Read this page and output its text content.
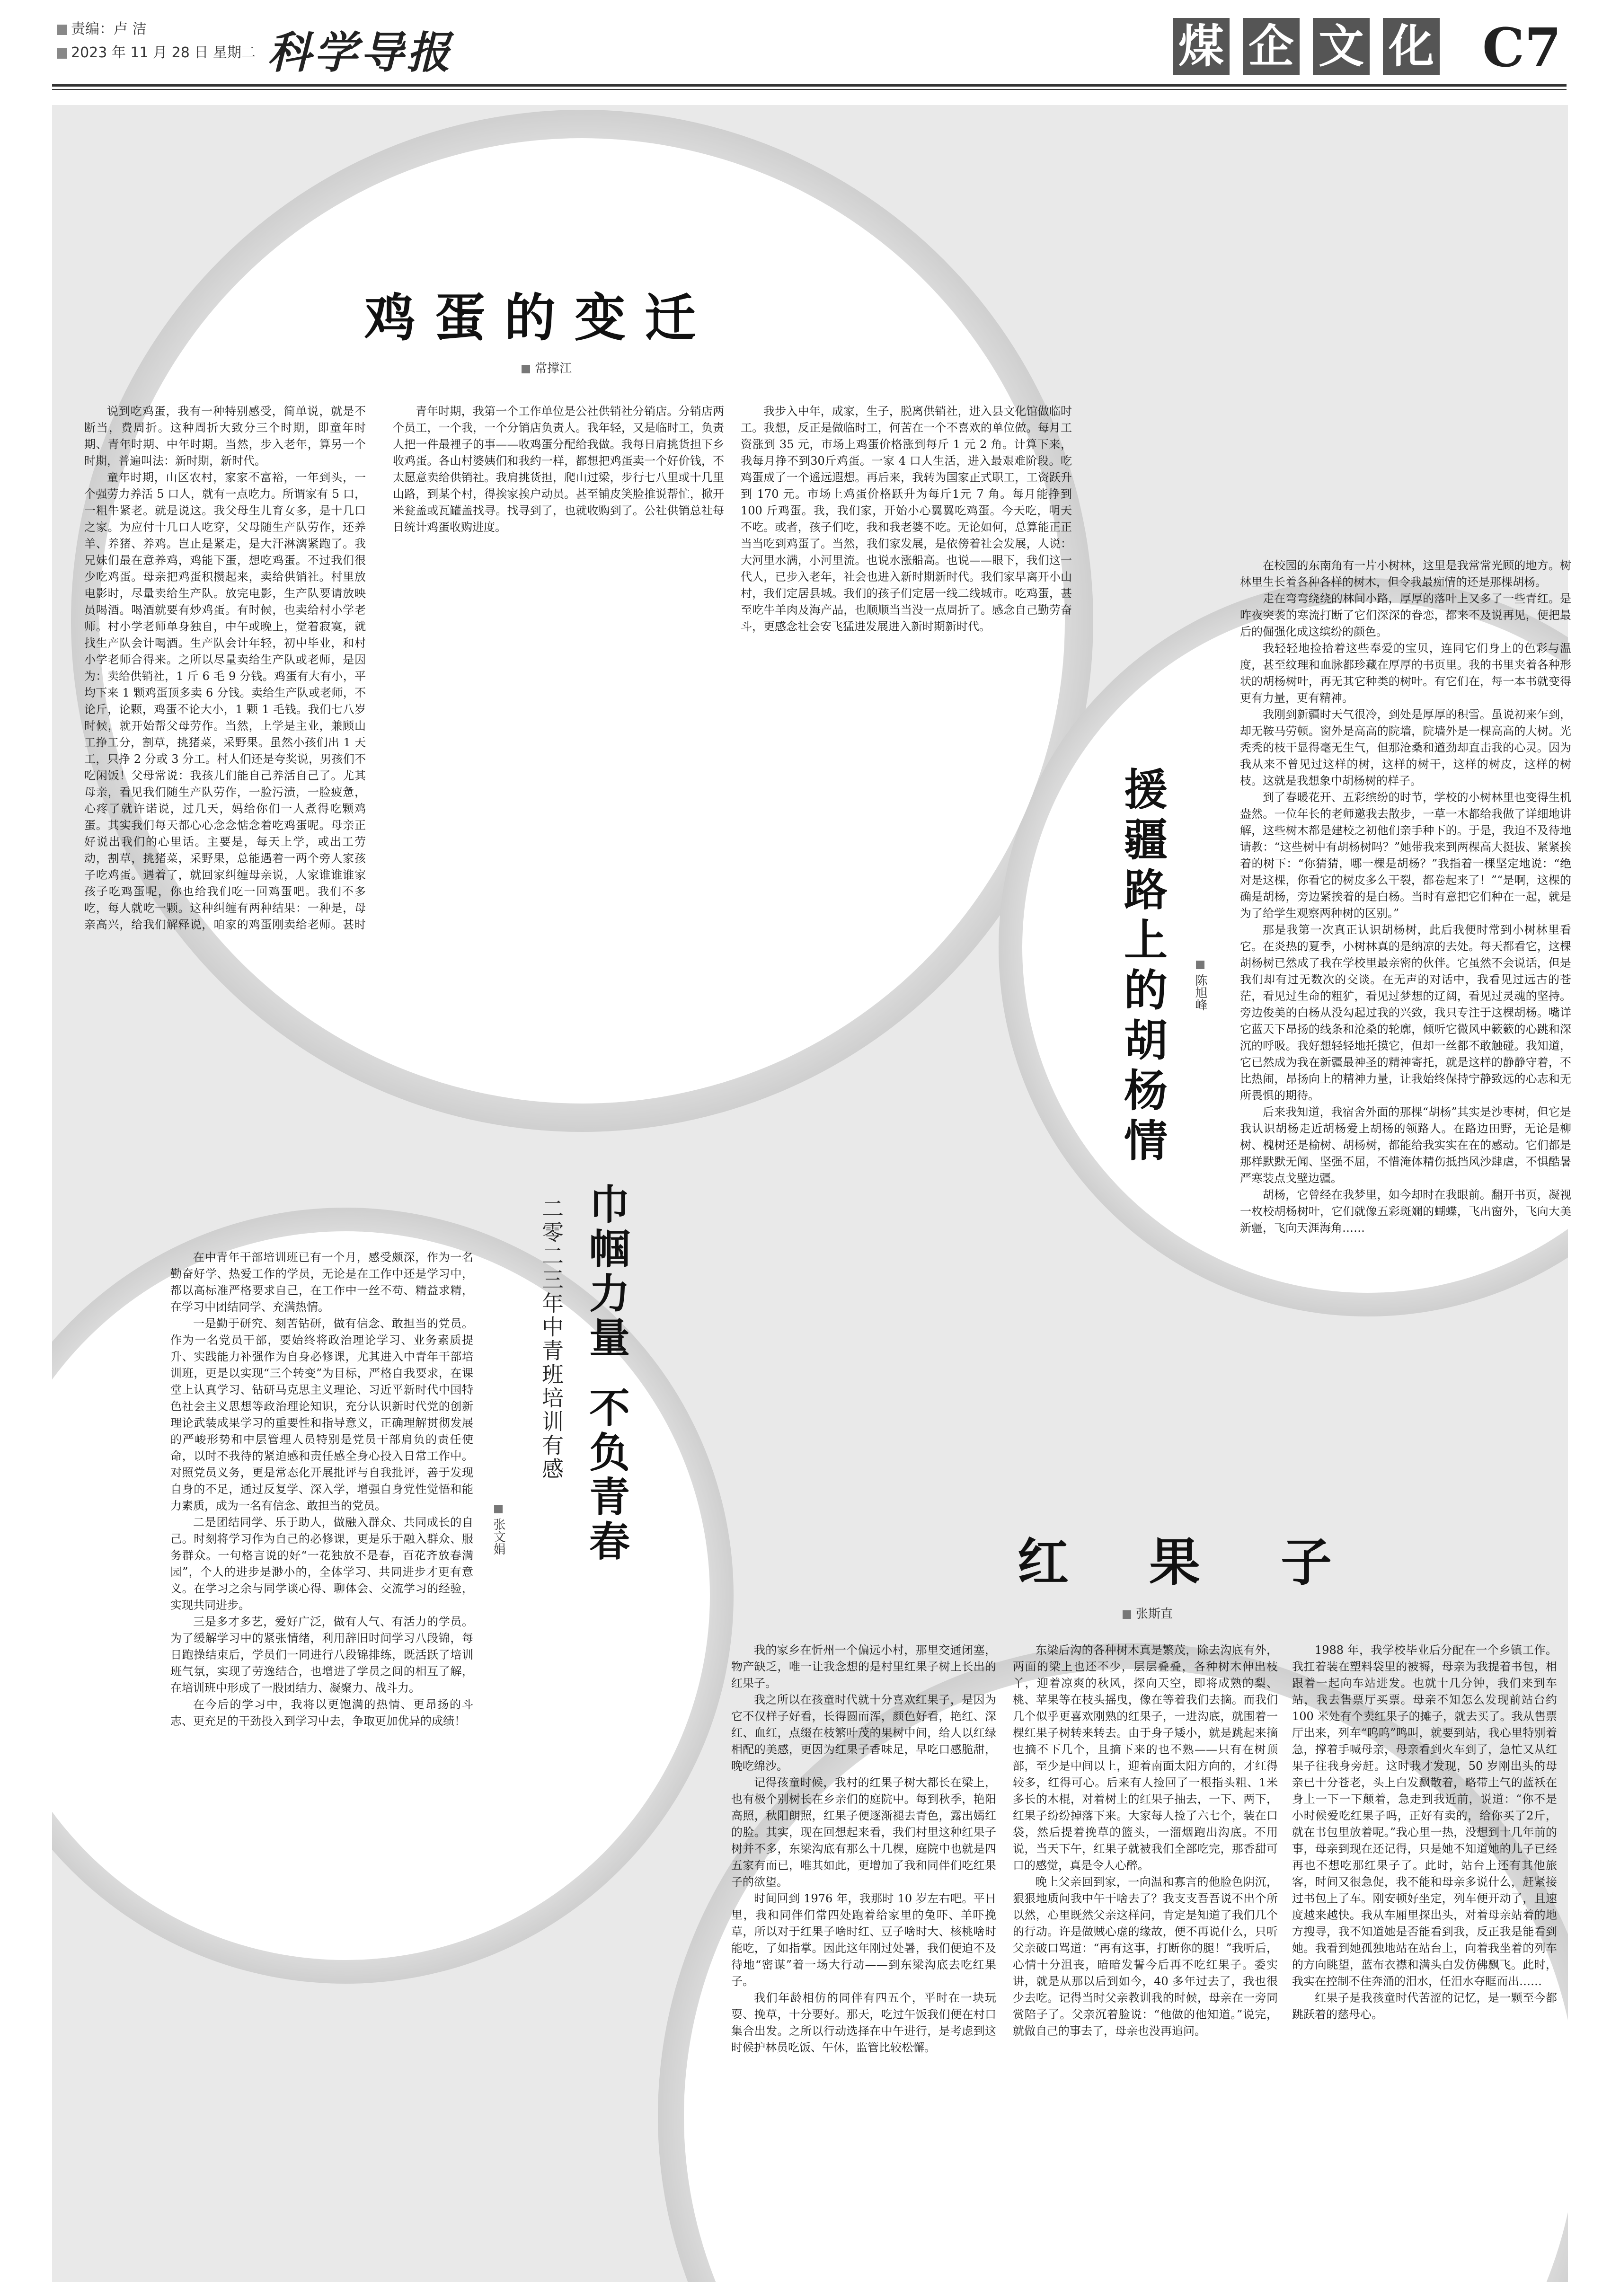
责编：卢 洁
2023 年 11 月 28 日 星期二 科学导报	煤 企 文 化 C7
鸡蛋的变迁
常撑江

说到吃鸡蛋，我有一种特别感受，简单说，就是不断当，费周折。这种周折大致分三个时期，即童年时期、青年时期、中年时期。当然，步入老年，算另一个时期，普遍叫法：新时期，新时代。

童年时期，山区农村，家家不富裕，一年到头，一个强劳力养活 5 口人，就有一点吃力。所谓家有 5 口，一粗牛紧老。就是说这。我父母生儿育女多，是十几口之家。为应付十几口人吃穿，父母随生产队劳作，还养羊、养猪、养鸡。岂止是紧走，是大汗淋漓紧跑了。我兄妹们最在意养鸡，鸡能下蛋，想吃鸡蛋。不过我们很少吃鸡蛋。母亲把鸡蛋积攒起来，卖给供销社。村里放电影时，尽量卖给生产队。放完电影，生产队要请放映员喝酒。喝酒就要有炒鸡蛋。有时候，也卖给村小学老师。村小学老师单身独自，中午或晚上，觉着寂寞，就找生产队会计喝酒。生产队会计年轻，初中毕业，和村小学老师合得来。之所以尽量卖给生产队或老师，是因为：卖给供销社，1 斤 6 毛 9 分钱。鸡蛋有大有小，平均下来 1 颗鸡蛋顶多卖 6 分钱。卖给生产队或老师，不论斤，论颗，鸡蛋不论大小，1 颗 1 毛钱。我们七八岁时候，就开始帮父母劳作。当然，上学是主业，兼顾山工挣工分，割草，挑猪菜，采野果。虽然小孩们出 1 天工，只挣 2 分或 3 分工。村人们还是夸奖说，男孩们不吃闲饭！父母常说：我孩儿们能自己养活自己了。尤其母亲，看见我们随生产队劳作，一脸污渍，一脸疲惫，心疼了就许诺说，过几天，妈给你们一人煮得吃颗鸡蛋。其实我们每天都心心念念惦念着吃鸡蛋呢。母亲正好说出我们的心里话。主要是，每天上学，或出工劳动，割草，挑猪菜，采野果，总能遇着一两个旁人家孩子吃鸡蛋。遇着了，就回家纠缠母亲说，人家谁谁谁家孩子吃鸡蛋呢，你也给我们吃一回鸡蛋吧。我们不多吃，每人就吃一颗。这种纠缠有两种结果：一种是，母亲高兴，给我们解释说，咱家的鸡蛋刚卖给老师。甚时

青年时期，我第一个工作单位是公社供销社分销店。分销店两个员工，一个我，一个分销店负责人。我年轻，又是临时工，负责人把一件最裡子的事——收鸡蛋分配给我做。我每日肩挑货担下乡收鸡蛋。各山村婆姨们和我约一样，都想把鸡蛋卖一个好价钱，不太愿意卖给供销社。我肩挑货担，爬山过梁，步行七八里或十几里山路，到某个村，得挨家挨户动员。甚至铺皮笑脸推说帮忙，掀开米瓮盖或瓦罐盖找寻。找寻到了，也就收购到了。公社供销总社每日统计鸡蛋收购进度。

我步入中年，成家，生子，脱离供销社，进入县文化馆做临时工。我想，反正是做临时工，何苦在一个不喜欢的单位做。每月工资涨到 35 元，市场上鸡蛋价格涨到每斤 1 元 2 角。计算下来，我每月挣不到30斤鸡蛋。一家 4 口人生活，进入最艰难阶段。吃鸡蛋成了一个遥远遐想。再后来，我转为国家正式职工，工资跃升到 170 元。市场上鸡蛋价格跃升为每斤1元 7 角。每月能挣到 100 斤鸡蛋。我，我们家，开始小心翼翼吃鸡蛋。今天吃，明天不吃。或者，孩子们吃，我和我老婆不吃。无论如何，总算能正正当当吃到鸡蛋了。当然，我们家发展，是依傍着社会发展，人说：大河里水满，小河里流。也说水涨船高。也说——眼下，我们这一代人，已步入老年，社会也进入新时期新时代。我们家早离开小山村，我们定居县城。我们的孩子们定居一线二线城市。吃鸡蛋，甚至吃牛羊肉及海产品，也顺顺当当没一点周折了。感念自己勤劳奋斗，更感念社会安飞猛进发展进入新时期新时代。

援疆路上的胡杨情	陈旭峰

在校园的东南角有一片小树林，这里是我常常光顾的地方。树林里生长着各种各样的树木，但令我最痴情的还是那棵胡杨。

走在弯弯绕绕的林间小路，厚厚的落叶上又多了一些青红。是昨夜突袭的寒流打断了它们深深的眷恋，都来不及说再见，便把最后的倔强化成这缤纷的颜色。

我轻轻地捡拾着这些奉爱的宝贝，连同它们身上的色彩与温度，甚至纹理和血脉都珍藏在厚厚的书页里。我的书里夹着各种形状的胡杨树叶，再无其它种类的树叶。有它们在，每一本书就变得更有力量，更有精神。

我刚到新疆时天气很冷，到处是厚厚的积雪。虽说初来乍到，却无鞍马劳顿。窗外是高高的院墙，院墙外是一棵高高的大树。光秃秃的枝干显得毫无生气，但那沧桑和遒劲却直击我的心灵。因为我从来不曾见过这样的树，这样的树干，这样的树皮，这样的树枝。这就是我想象中胡杨树的样子。

到了春暖花开、五彩缤纷的时节，学校的小树林里也变得生机盎然。一位年长的老师邀我去散步，一草一木都给我做了详细地讲解，这些树木都是建校之初他们亲手种下的。于是，我迫不及待地请教：“这些树中有胡杨树吗？”她带我来到两棵高大挺拔、紧紧挨着的树下：“你猜猜，哪一棵是胡杨？”我指着一棵坚定地说：“绝对是这棵，你看它的树皮多么干裂，都卷起来了！”“是啊，这棵的确是胡杨，旁边紧挨着的是白杨。当时有意把它们种在一起，就是为了给学生观察两种树的区别。”

那是我第一次真正认识胡杨树，此后我便时常到小树林里看它。在炎热的夏季，小树林真的是纳凉的去处。每天都看它，这棵胡杨树已然成了我在学校里最亲密的伙伴。它虽然不会说话，但是我们却有过无数次的交谈。在无声的对话中，我看见过远古的苍茫，看见过生命的粗犷，看见过梦想的辽阔，看见过灵魂的坚持。旁边俊美的白杨从没勾起过我的兴致，我只专注于这棵胡杨。嘴详它蓝天下昂扬的线条和沧桑的轮廓，倾听它微风中簌簌的心跳和深沉的呼吸。我好想轻轻地托摸它，但却一丝都不敢触碰。我知道，它已然成为我在新疆最神圣的精神寄托，就是这样的静静守着，不比热闹，昂扬向上的精神力量，让我始终保持宁静致远的心志和无所畏惧的期待。

后来我知道，我宿舍外面的那棵“胡杨”其实是沙枣树，但它是我认识胡杨走近胡杨爱上胡杨的领路人。在路边田野，无论是柳树、槐树还是榆树、胡杨树，都能给我实实在在的感动。它们都是那样默默无闻、坚强不屈，不惜淹体精伤抵挡风沙肆虐，不惧酷暑严寒装点戈壁边疆。

胡杨，它曾经在我梦里，如今却时在我眼前。翻开书页，凝视一枚校胡杨树叶，它们就像五彩斑斓的蝴蝶，飞出窗外，飞向大美新疆，飞向天涯海角……

巾帼力量
不负青春
二零二三年中青班培训有感
张文娟

在中青年干部培训班已有一个月，感受颇深，作为一名勤奋好学、热爱工作的学员，无论是在工作中还是学习中，都以高标准严格要求自己，在工作中一丝不苟、精益求精，在学习中团结同学、充满热情。

一是勤于研究、刻苦钻研，做有信念、敢担当的党员。作为一名党员干部，要始终将政治理论学习、业务素质提升、实践能力补强作为自身必修课，尤其进入中青年干部培训班，更是以实现“三个转变”为目标，严格自我要求，在课堂上认真学习、钻研马克思主义理论、习近平新时代中国特色社会主义思想等政治理论知识，充分认识新时代党的创新理论武装成果学习的重要性和指导意义，正确理解贯彻发展的严峻形势和中层管理人员特别是党员干部肩负的责任使命，以时不我待的紧迫感和责任感全身心投入日常工作中。对照党员义务，更是常态化开展批评与自我批评，善于发现自身的不足，通过反复学、深入学，增强自身党性觉悟和能力素质，成为一名有信念、敢担当的党员。

二是团结同学、乐于助人，做融入群众、共同成长的自己。时刻将学习作为自己的必修课，更是乐于融入群众、服务群众。一句格言说的好“一花独放不是春，百花齐放春满园”，个人的进步是渺小的，全体学习、共同进步才更有意义。在学习之余与同学谈心得、聊体会、交流学习的经验，实现共同进步。

三是多才多艺，爱好广泛，做有人气、有活力的学员。为了缓解学习中的紧张情绪，利用辞旧时间学习八段锦，每日跑操结束后，学员们一同进行八段锦排练，既活跃了培训班气氛，实现了劳逸结合，也增进了学员之间的相互了解，在培训班中形成了一股团结力、凝聚力、战斗力。

在今后的学习中，我将以更饱满的热情、更昂扬的斗志、更充足的干劲投入到学习中去，争取更加优异的成绩！

红果子
张斯直

我的家乡在忻州一个偏远小村，那里交通闭塞，物产缺乏，唯一让我念想的是村里红果子树上长出的红果子。

我之所以在孩童时代就十分喜欢红果子，是因为它不仅样子好看，长得圆而浑，颜色好看，艳红、深红、血红，点缀在枝繁叶茂的果树中间，给人以红绿相配的美感，更因为红果子香味足，早吃口感脆甜，晚吃绵沙。

记得孩童时候，我村的红果子树大都长在梁上，也有极个别树长在乡亲们的庭院中。每到秋季，艳阳高照，秋阳朗照，红果子便逐渐褪去青色，露出嫣红的脸。其实，现在回想起来看，我们村里这种红果子树并不多，东梁沟底有那么十几棵，庭院中也就是四五家有而已，唯其如此，更增加了我和同伴们吃红果子的欲望。

时间回到 1976 年，我那时 10 岁左右吧。平日里，我和同伴们常四处跑着给家里的兔吓、羊吓挽草，所以对于红果子啥时红、豆子啥时大、核桃啥时能吃，了如指掌。因此这年刚过处暑，我们便迫不及待地“密谋”着一场大行动——到东梁沟底去吃红果子。

我们年龄相仿的同伴有四五个，平时在一块玩耍、挽草，十分要好。那天，吃过午饭我们便在村口集合出发。之所以行动选择在中午进行，是考虑到这时候护林员吃饭、午休，监管比较松懈。

东梁后沟的各种树木真是繁茂，除去沟底有外，两面的梁上也还不少，层层叠叠，各种树木伸出枝丫，迎着凉爽的秋风，探向天空，即将成熟的梨、桃、苹果等在枝头摇曳，像在等着我们去摘。而我们几个似乎更喜欢刚熟的红果子，一进沟底，就围着一棵红果子树转来转去。由于身子矮小，就是跳起来摘也摘不下几个，且摘下来的也不熟——只有在树顶部，至少是中间以上，迎着南面太阳方向的，才红得较多，红得可心。后来有人捡回了一根指头粗、1米多长的木棍，对着树上的红果子抽去，一下、两下，红果子纷纷掉落下来。大家每人捡了六七个，装在口袋，然后提着挽草的篮头，一溜烟跑出沟底。不用说，当天下午，红果子就被我们全部吃完，那香甜可口的感觉，真是令人心醉。

晚上父亲回到家，一向温和寡言的他脸色阴沉，狠狠地质问我中午干啥去了？我支支吾吾说不出个所以然，心里既然父亲这样问，肯定是知道了我们几个的行动。许是做贼心虚的缘故，便不再说什么，只听父亲破口骂道：“再有这事，打断你的腿！”我听后，心情十分沮丧，暗暗发誓今后再不吃红果子。委实讲，就是从那以后到如今，40 多年过去了，我也很少去吃。记得当时父亲教训我的时候，母亲在一旁同赏陪子了。父亲沉着脸说：“他做的他知道。”说完，就做自己的事去了，母亲也没再追问。

1988 年，我学校毕业后分配在一个乡镇工作。我扛着装在塑料袋里的被褥，母亲为我提着书包，相跟着一起向车站进发。也就十几分钟，我们来到车站，我去售票厅买票。母亲不知怎么发现前站台约100 米处有个卖红果子的摊子，就去买了。我从售票厅出来，列车“呜呜”鸣叫，就要到站，我心里特别着急，撑着手喊母亲，母亲看到火车到了，急忙又从红果子往我身旁赶。这时我才发现，50 岁刚出头的母亲已十分苍老，头上白发飘散着，略带土气的蓝袄在身上一下一下颠着，急走到我近前，说道：“你不是小时候爱吃红果子吗，正好有卖的，给你买了2斤，就在书包里放着呢。”我心里一热，没想到十几年前的事，母亲到现在还记得，只是她不知道她的儿子已经再也不想吃那红果子了。此时，站台上还有其他旅客，时间又很急促，我不能和母亲多说什么，赶紧接过书包上了车。刚安顿好坐定，列车便开动了，且速度越来越快。我从车厢里探出头，对着母亲站着的地方搜寻，我不知道她是否能看到我，反正我是能看到她。我看到她孤独地站在站台上，向着我坐着的列车的方向眺望，蓝布衣襟和满头白发仿佛飘飞。此时，我实在控制不住奔涌的泪水，任泪水夺眶而出……

红果子是我孩童时代苦涩的记忆，是一颗至今都跳跃着的慈母心。
